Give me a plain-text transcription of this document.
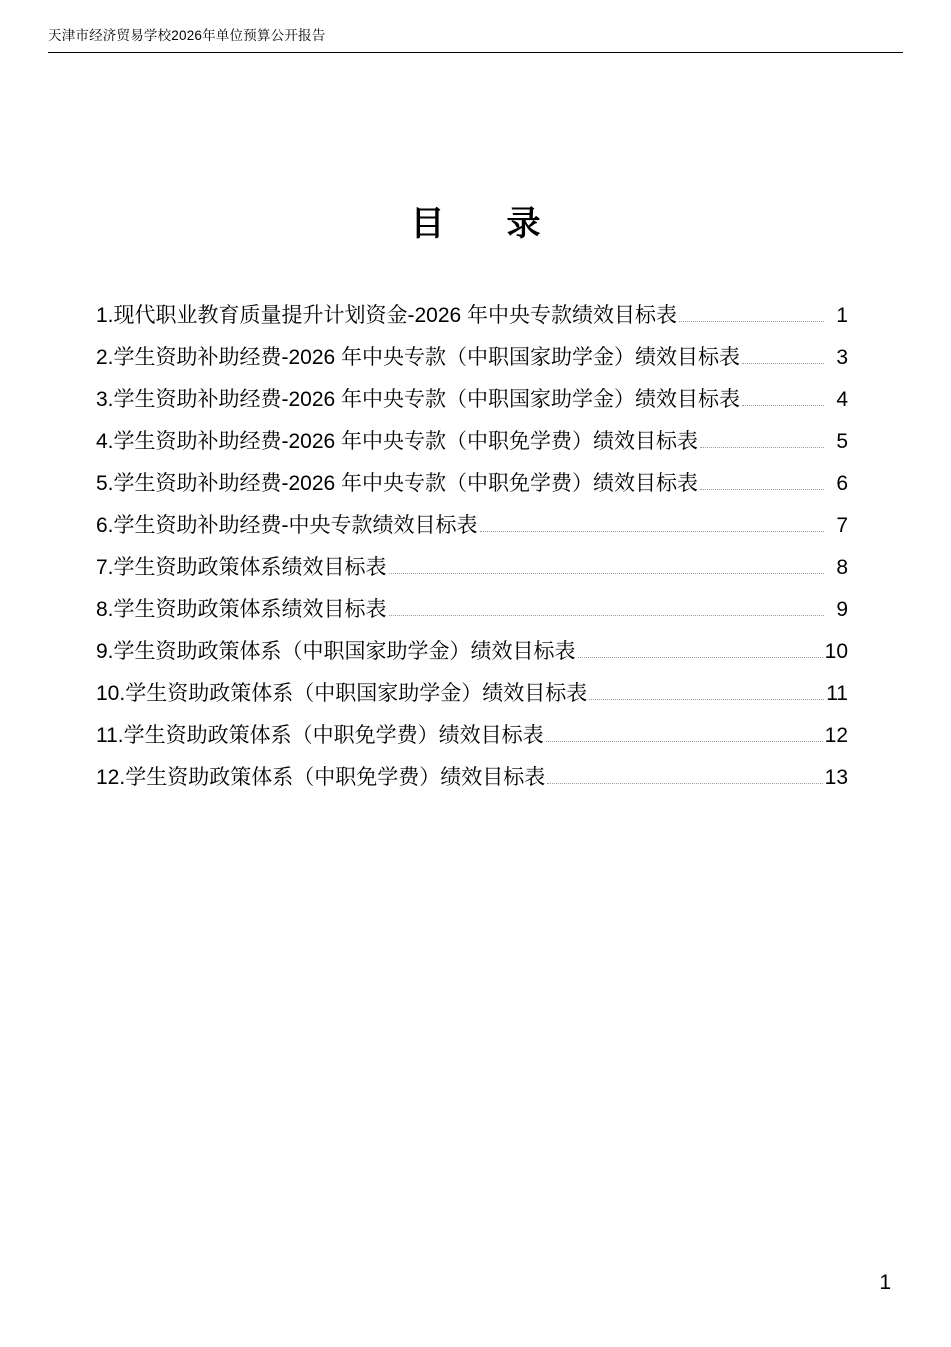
天津市经济贸易学校2026年单位预算公开报告
目　录
1.现代职业教育质量提升计划资金-2026 年中央专款绩效目标表	1
2.学生资助补助经费-2026 年中央专款（中职国家助学金）绩效目标表	3
3.学生资助补助经费-2026 年中央专款（中职国家助学金）绩效目标表	4
4.学生资助补助经费-2026 年中央专款（中职免学费）绩效目标表	5
5.学生资助补助经费-2026 年中央专款（中职免学费）绩效目标表	6
6.学生资助补助经费-中央专款绩效目标表	7
7.学生资助政策体系绩效目标表	8
8.学生资助政策体系绩效目标表	9
9.学生资助政策体系（中职国家助学金）绩效目标表	10
10.学生资助政策体系（中职国家助学金）绩效目标表	11
11.学生资助政策体系（中职免学费）绩效目标表	12
12.学生资助政策体系（中职免学费）绩效目标表	13
1
